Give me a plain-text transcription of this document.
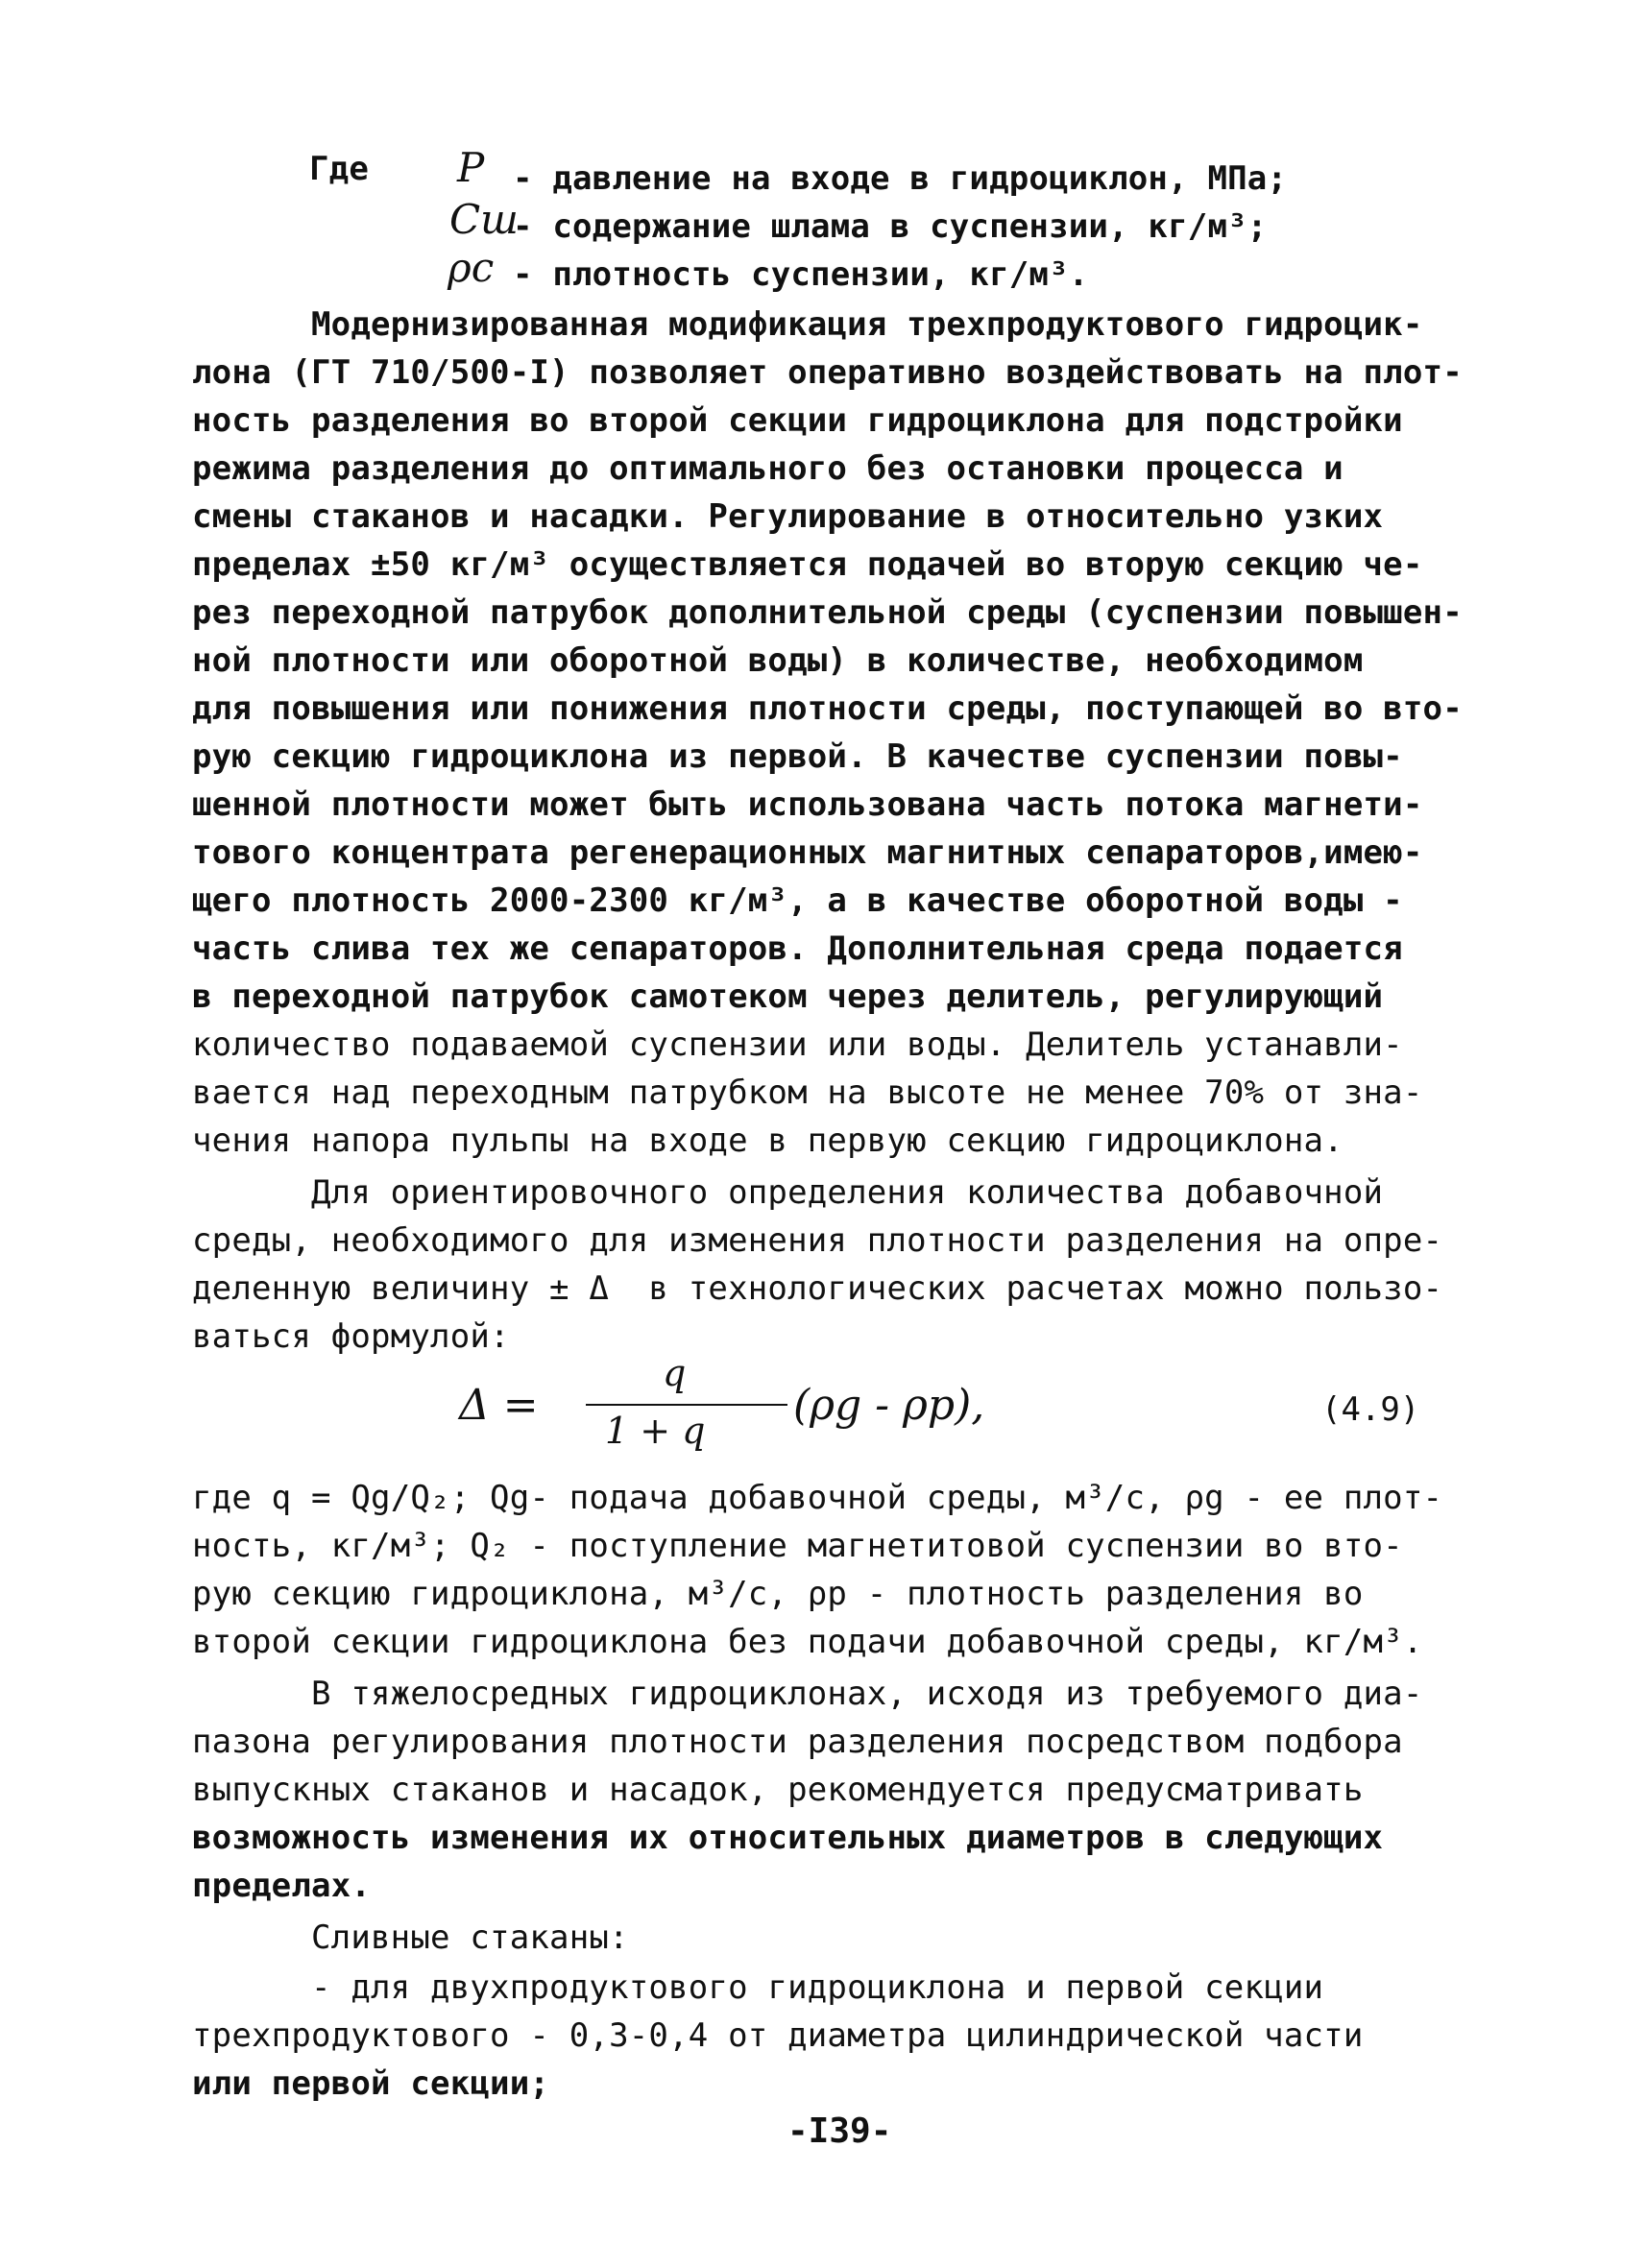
Где P - давление на входе в гидроциклон, МПа;
Cш
- содержание шлама в суспензии, кг/м³;
ρс - плотность суспензии, кг/м³.
Модернизированная модификация трехпродуктового гидроцик-
лона (ГТ 710/500-I) позволяет оперативно воздействовать на плот-
ность разделения во второй секции гидроциклона для подстройки
режима разделения до оптимального без остановки процесса и
смены стаканов и насадки. Регулирование в относительно узких
пределах ±50 кг/м³ осуществляется подачей во вторую секцию че-
рез переходной патрубок дополнительной среды (суспензии повышен-
ной плотности или оборотной воды) в количестве, необходимом
для повышения или понижения плотности среды, поступающей во вто-
рую секцию гидроциклона из первой. В качестве суспензии повы-
шенной плотности может быть использована часть потока магнети-
тового концентрата регенерационных магнитных сепараторов,имею-
щего плотность 2000-2300 кг/м³, а в качестве оборотной воды -
часть слива тех же сепараторов. Дополнительная среда подается
в переходной патрубок самотеком через делитель, регулирующий
количество подаваемой суспензии или воды. Делитель устанавли-
вается над переходным патрубком на высоте не менее 70% от зна-
чения напора пульпы на входе в первую секцию гидроциклона.
Для ориентировочного определения количества добавочной
среды, необходимого для изменения плотности разделения на опре-
деленную величину ± Δ  в технологических расчетах можно пользо-
ваться формулой:
Δ =
q
1 + q
(ρg - ρp),	(4.9)
где q = Qg/Q₂; Qg- подача добавочной среды, м³/с, ρg - ее плот-
ность, кг/м³; Q₂ - поступление магнетитовой суспензии во вто-
рую секцию гидроциклона, м³/с, ρр - плотность разделения во
второй секции гидроциклона без подачи добавочной среды, кг/м³.
В тяжелосредных гидроциклонах, исходя из требуемого диа-
пазона регулирования плотности разделения посредством подбора
выпускных стаканов и насадок, рекомендуется предусматривать
возможность изменения их относительных диаметров в следующих
пределах.
Сливные стаканы:
- для двухпродуктового гидроциклона и первой секции
трехпродуктового - 0,3-0,4 от диаметра цилиндрической части
или первой секции;
-I39-
